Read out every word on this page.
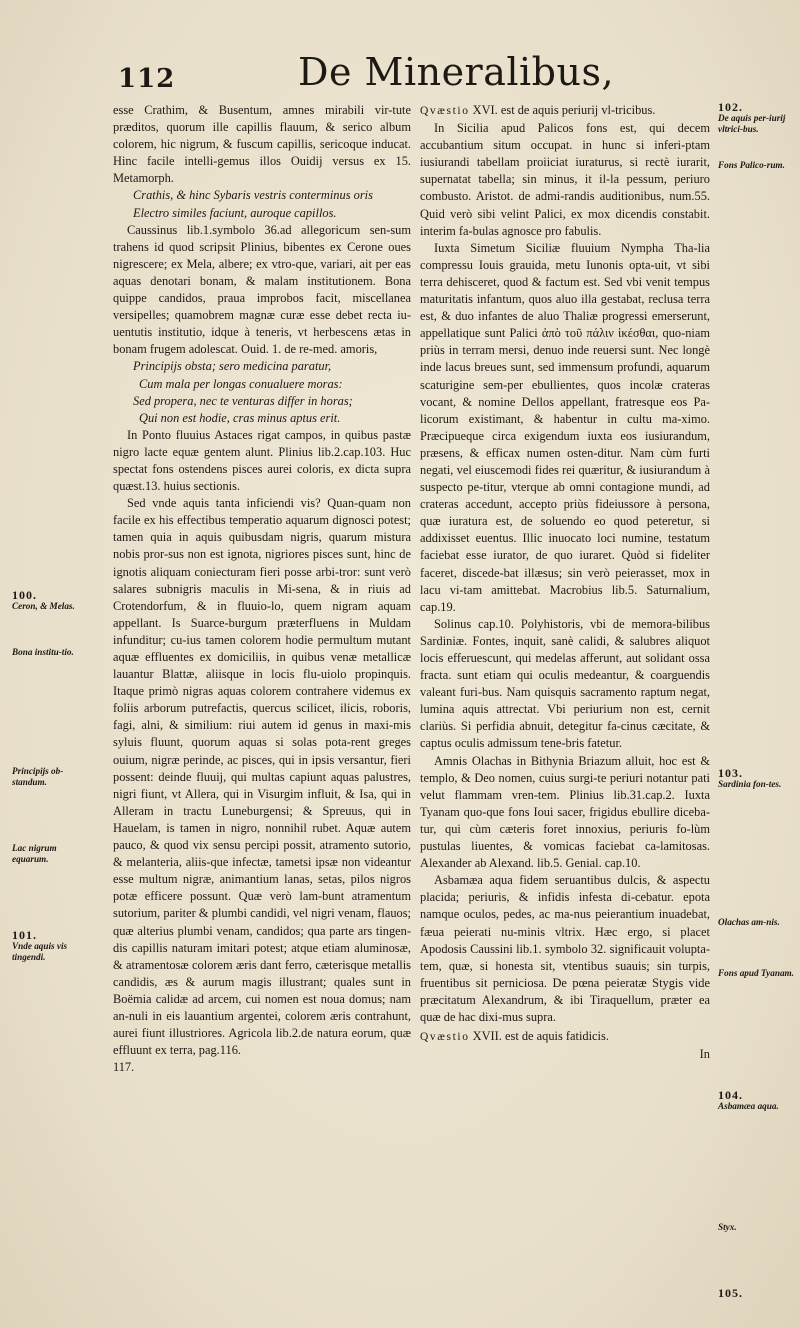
112	De Mineralibus,

esse Crathim, & Busentum, amnes mirabili vir-tute præditos, quorum ille capillis flauum, & serico album colorem, hic nigrum, & fuscum capillis, sericoque inducat. Hinc facile intelli-gemus illos Ouidij versus ex 15. Metamorph.

Crathis, & hinc Sybaris vestris conterminus oris

Electro similes faciunt, auroque capillos.

Caussinus lib.1.symbolo 36.ad allegoricum sen-sum trahens id quod scripsit Plinius, bibentes ex Cerone oues nigrescere; ex Mela, albere; ex vtro-que, variari, ait per eas aquas denotari bonam, & malam institutionem. Bona quippe candidos, praua improbos facit, miscellanea versipelles; quamobrem magnæ curæ esse debet recta iu-uentutis institutio, idque à teneris, vt herbescens ætas in bonam frugem adolescat. Ouid. 1. de re-med. amoris,

Principijs obsta; sero medicina paratur,

Cum mala per longas conualuere moras:

Sed propera, nec te venturas differ in horas;

Qui non est hodie, cras minus aptus erit.

In Ponto fluuius Astaces rigat campos, in quibus pastæ nigro lacte equæ gentem alunt. Plinius lib.2.cap.103. Huc spectat fons ostendens pisces aurei coloris, ex dicta supra quæst.13. huius sectionis.

Sed vnde aquis tanta inficiendi vis? Quan-quam non facile ex his effectibus temperatio aquarum dignosci potest; tamen quia in aquis quibusdam nigris, quarum mistura nobis pror-sus non est ignota, nigriores pisces sunt, hinc de ignotis aliquam coniecturam fieri posse arbi-tror: sunt verò salares subnigris maculis in Mi-sena, & in riuis ad Crotendorfum, & in fluuio-lo, quem nigram aquam appellant. Is Suarce-burgum præterfluens in Muldam infunditur; cu-ius tamen colorem hodie permultum mutant aquæ effluentes ex domiciliis, in quibus venæ metallicæ lauantur Blattæ, aliisque in locis flu-uiolo propinquis. Itaque primò nigras aquas colorem contrahere videmus ex foliis arborum putrefactis, quercus scilicet, ilicis, roboris, fagi, alni, & similium: riui autem id genus in maxi-mis syluis fluunt, quorum aquas si solas pota-rent greges ouium, nigræ perinde, ac pisces, qui in ipsis versantur, fieri possent: deinde fluuij, qui multas capiunt aquas palustres, nigri fiunt, vt Allera, qui in Visurgim influit, & Isa, qui in Alleram in tractu Luneburgensi; & Spreuus, qui in Hauelam, is tamen in nigro, nonnihil rubet. Aquæ autem pauco, & quod vix sensu percipi possit, atramento sutorio, & melanteria, aliis-que infectæ, tametsi ipsæ non videantur esse multum nigræ, animantium lanas, setas, pilos nigros potæ efficere possunt. Quæ verò lam-bunt atramentum sutorium, pariter & plumbi candidi, vel nigri venam, flauos; quæ alterius plumbi venam, candidos; qua parte ars tingen-dis capillis naturam imitari potest; atque etiam aluminosæ, & atramentosæ colorem æris dant ferro, cæterisque metallis candidis, æs & aurum magis illustrant; quales sunt in Boëmia calidæ ad arcem, cui nomen est noua domus; nam an-nuli in eis lauantium argentei, colorem æris contrahunt, aurei fiunt illustriores. Agricola lib.2.de natura eorum, quæ effluunt ex terra, pag.116.

117.

Qvæstio XVI. est de aquis periurij vl-tricibus.

In Sicilia apud Palicos fons est, qui decem accubantium situm occupat. in hunc si inferi-ptam iusiurandi tabellam proiiciat iuraturus, si rectè iurarit, supernatat tabella; sin minus, it il-la pessum, periuro combusto. Aristot. de admi-randis auditionibus, num.55. Quid verò sibi velint Palici, ex mox dicendis constabit. interim fa-bulas agnosce pro fabulis.

Iuxta Simetum Siciliæ fluuium Nympha Tha-lia compressu Iouis grauida, metu Iunonis opta-uit, vt sibi terra dehisceret, quod & factum est. Sed vbi venit tempus maturitatis infantum, quos aluo illa gestabat, reclusa terra est, & duo infantes de aluo Thaliæ progressi emerserunt, appellatique sunt Palici ἀπὸ τοῦ πάλιν ἱκέσθαι, quo-niam priùs in terram mersi, denuo inde reuersi sunt. Nec longè inde lacus breues sunt, sed immensum profundi, aquarum scaturigine sem-per ebullientes, quos incolæ crateras vocant, & nomine Dellos appellant, fratresque eos Pa-licorum existimant, & habentur in cultu ma-ximo. Præcipueque circa exigendum iuxta eos iusiurandum, præsens, & efficax numen osten-ditur. Nam cùm furti negati, vel eiuscemodi fides rei quæritur, & iusiurandum à suspecto pe-titur, vterque ab omni contagione mundi, ad crateras accedunt, accepto priùs fideiussore à persona, quæ iuratura est, de soluendo eo quod peteretur, si addixisset euentus. Illic inuocato loci numine, testatum faciebat esse iurator, de quo iuraret. Quòd si fideliter faceret, discede-bat illæsus; sin verò peierasset, mox in lacu vi-tam amittebat. Macrobius lib.5. Saturnalium, cap.19.

Solinus cap.10. Polyhistoris, vbi de memora-bilibus Sardiniæ. Fontes, inquit, sanè calidi, & salubres aliquot locis efferuescunt, qui medelas afferunt, aut solidant ossa fracta. sunt etiam qui oculis medeantur, & coarguendis valeant furi-bus. Nam quisquis sacramento raptum negat, lumina aquis attrectat. Vbi periurium non est, cernit clariùs. Si perfidia abnuit, detegitur fa-cinus cæcitate, & captus oculis admissum tene-bris fatetur.

Amnis Olachas in Bithynia Briazum alluit, hoc est & templo, & Deo nomen, cuius surgi-te periuri notantur pati velut flammam vren-tem. Plinius lib.31.cap.2. Iuxta Tyanam quo-que fons Ioui sacer, frigidus ebullire diceba-tur, qui cùm cæteris foret innoxius, periuris fo-lùm pustulas liuentes, & vomicas faciebat ca-lamitosas. Alexander ab Alexand. lib.5. Genial. cap.10.

Asbamæa aqua fidem seruantibus dulcis, & aspectu placida; periuris, & infidis infesta di-cebatur. epota namque oculos, pedes, ac ma-nus peierantium inuadebat, fæua peierati nu-minis vltrix. Hæc ergo, si placet Apodosis Caussini lib.1. symbolo 32. significauit volupta-tem, quæ, si honesta sit, vtentibus suauis; sin turpis, fruentibus sit perniciosa. De pœna peieratæ Stygis vide præcitatum Alexandrum, & ibi Tiraquellum, præter ea quæ de hac dixi-mus supra.

Qvæstio XVII. est de aquis fatidicis.

In

100.
Ceron, & Melas.
Bona institu-tio.
Principijs ob-standum.
Lac nigrum equarum.
101.
Vnde aquis vis tingendi.
102.
De aquis per-iurij vltrici-bus.
Fons Palico-rum.
103.
Sardinia fon-tes.
Olachas am-nis.
Fons apud Tyanam.
104.
Asbamæa aqua.
Styx.
105.
